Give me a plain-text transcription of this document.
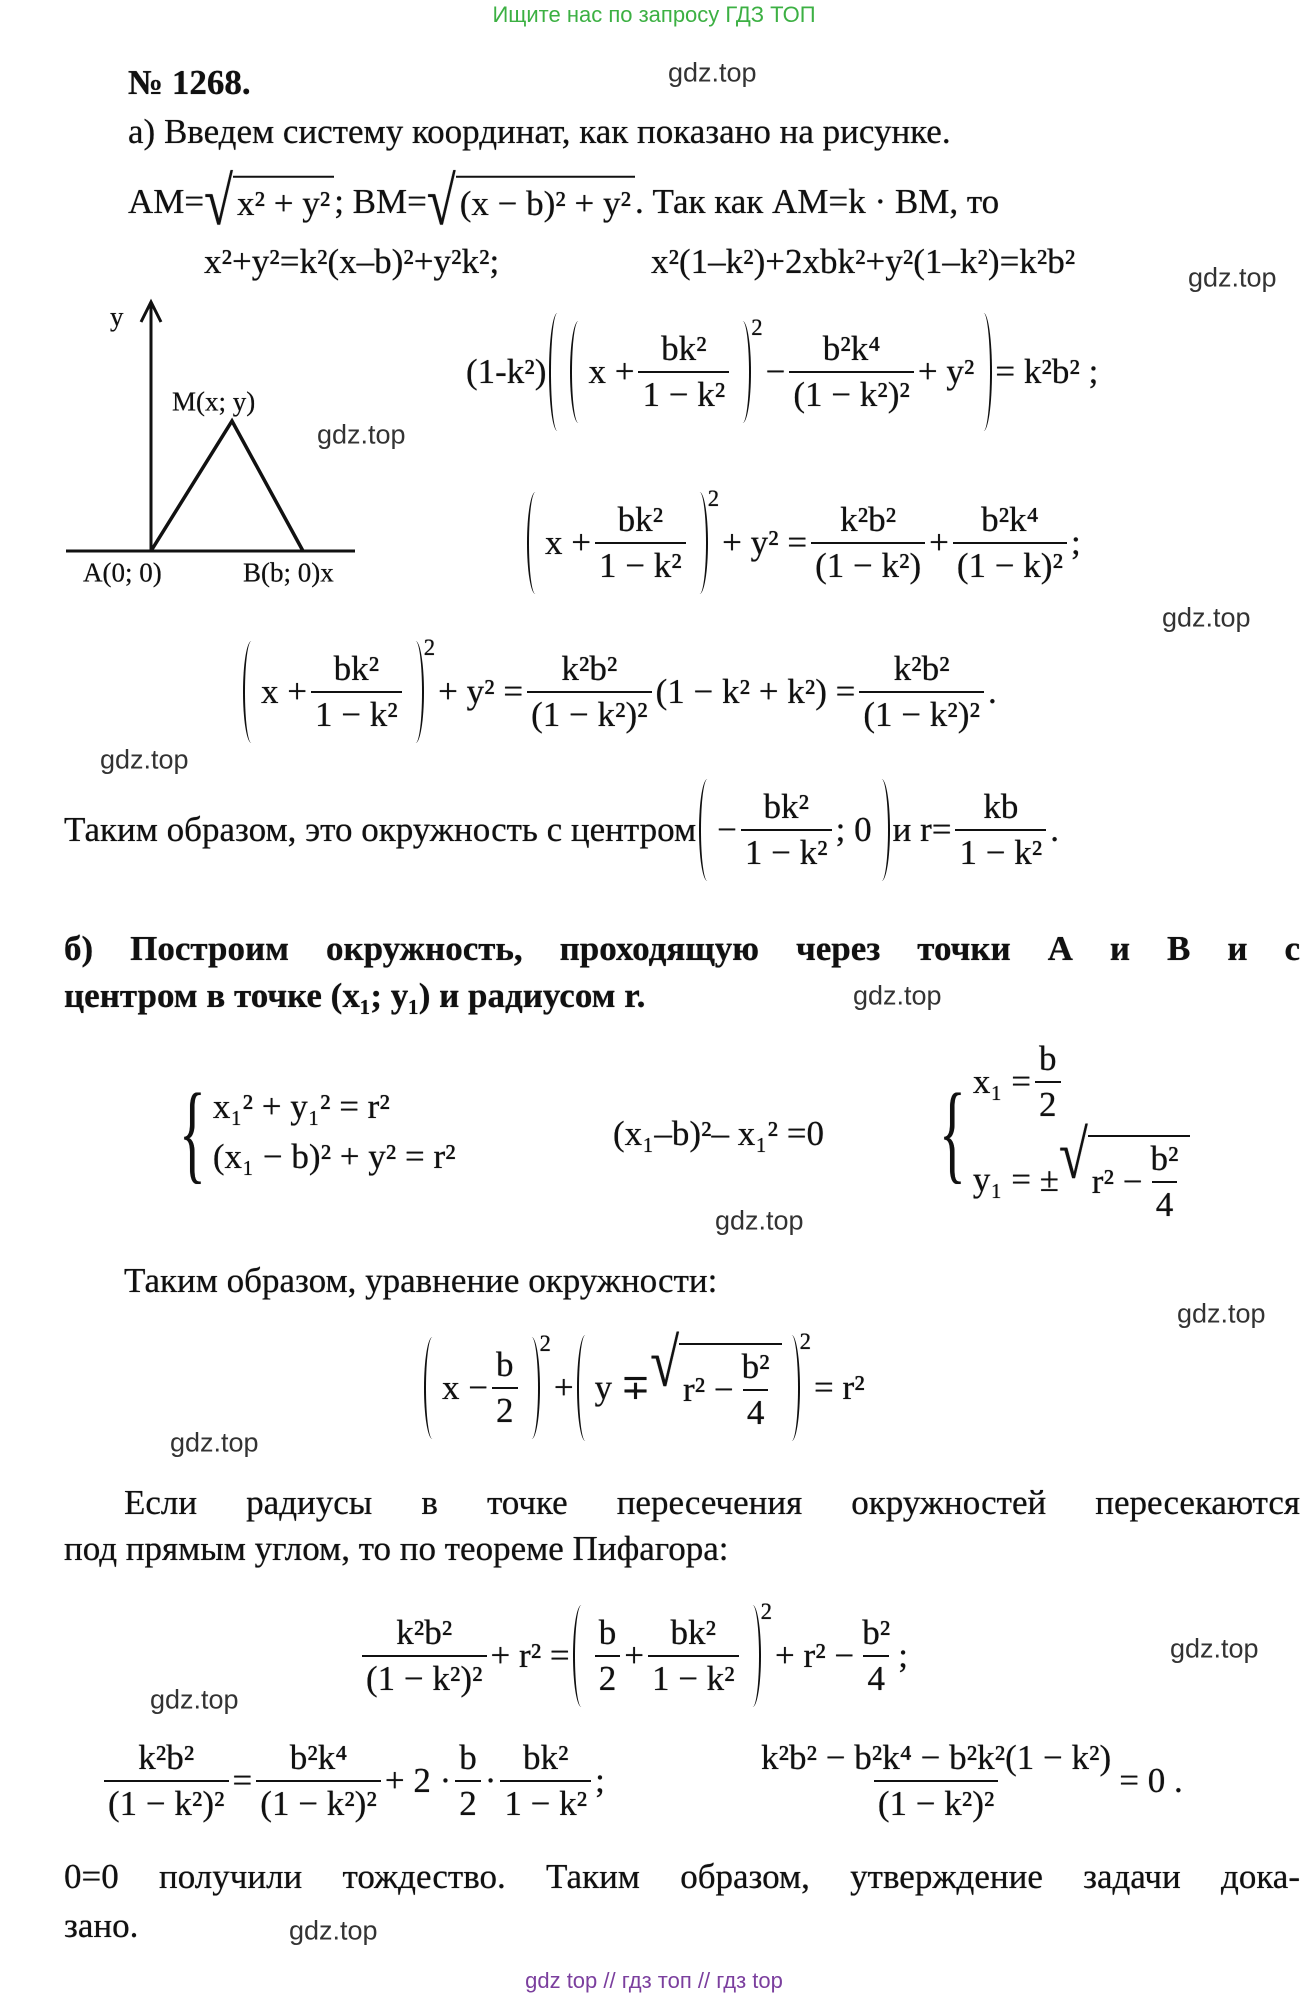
Ищите нас по запросу ГДЗ ТОП
№ 1268.
а) Введем систему координат, как показано на рисунке.
AM= √ x² + y² ; BM= √ (x − b)² + y² . Так как AM=k · BM, то
x²+y²=k²(x–b)²+y²k²;	x²(1–k²)+2xbk²+y²(1–k²)=k²b²
y
M(x; y)
A(0; 0)	B(b; 0)x
(1-k²) $x + \frac{\text{bk²}}{\text{1 − k²}}$
2
− $\frac{\text{b²k⁴}}{\text{(1 − k²)²}} + y^2 = k^2b^2$ ;
$x + \frac{\text{bk²}}{\text{1 − k²}}$
2
+ $y^2 = \frac{\text{k²b²}}{\text{(1 − k²)}} + \frac{\text{b²k⁴}}{\text{(1 − k)²}}$ ;
$x + \frac{\text{bk²}}{\text{1 − k²}}$
2
+ $y^2 = \frac{\text{k²b²}}{\text{(1 − k²)²}} (1 - k^2 + k^2) = \frac{\text{k²b²}}{\text{(1 − k²)²}}$ .
Таким образом, это окружность с центром − $\frac{\text{bk²}}{\text{1 − k²}}$ ; 0 и $r= \frac{kb}{\text{1 − k²}}$ .
б) Построим окружность, проходящую через точки А и В и с
центром в точке (x₁; y₁) и радиусом r.
{ x₁² + y₁² = r²
(x₁ − b)² + y² = r²
(x₁–b)²– x₁² =0 { $x_1 = \frac{b}{2}$
y₁ = ± √ $r^2 - \frac{\text{b²}}{4}$
Таким образом, уравнение окружности:
$x - \frac{b}{2}$
2
+ y ∓ √ $r^2 - \frac{\text{b²}}{4}$
2
= r²
Если радиусы в точке пересечения окружностей пересекаются
под прямым углом, то по теореме Пифагора:
$\frac{\text{k²b²}}{\text{(1 − k²)²}} + r^2 = \frac{b}{2} + \frac{\text{bk²}}{\text{1 − k²}}$
2
+ $r^2 - \frac{\text{b²}}{4}$ ;
$\frac{\text{k²b²}}{\text{(1 − k²)²}} = \frac{\text{b²k⁴}}{\text{(1 − k²)²}} + 2 \cdot \frac{b}{2} \cdot \frac{\text{bk²}}{\text{1 − k²}}$ ;	$\frac{\text{k²b² − b²k⁴ − b²k²(1 − k²)}}{\text{(1 − k²)²}} = 0$ .
0=0 получили тождество. Таким образом, утверждение задачи дока-
зано.
gdz.top
gdz.top
gdz.top
gdz.top
gdz.top
gdz.top
gdz.top
gdz.top
gdz.top
gdz.top
gdz.top
gdz.top
gdz top // гдз топ // гдз top
